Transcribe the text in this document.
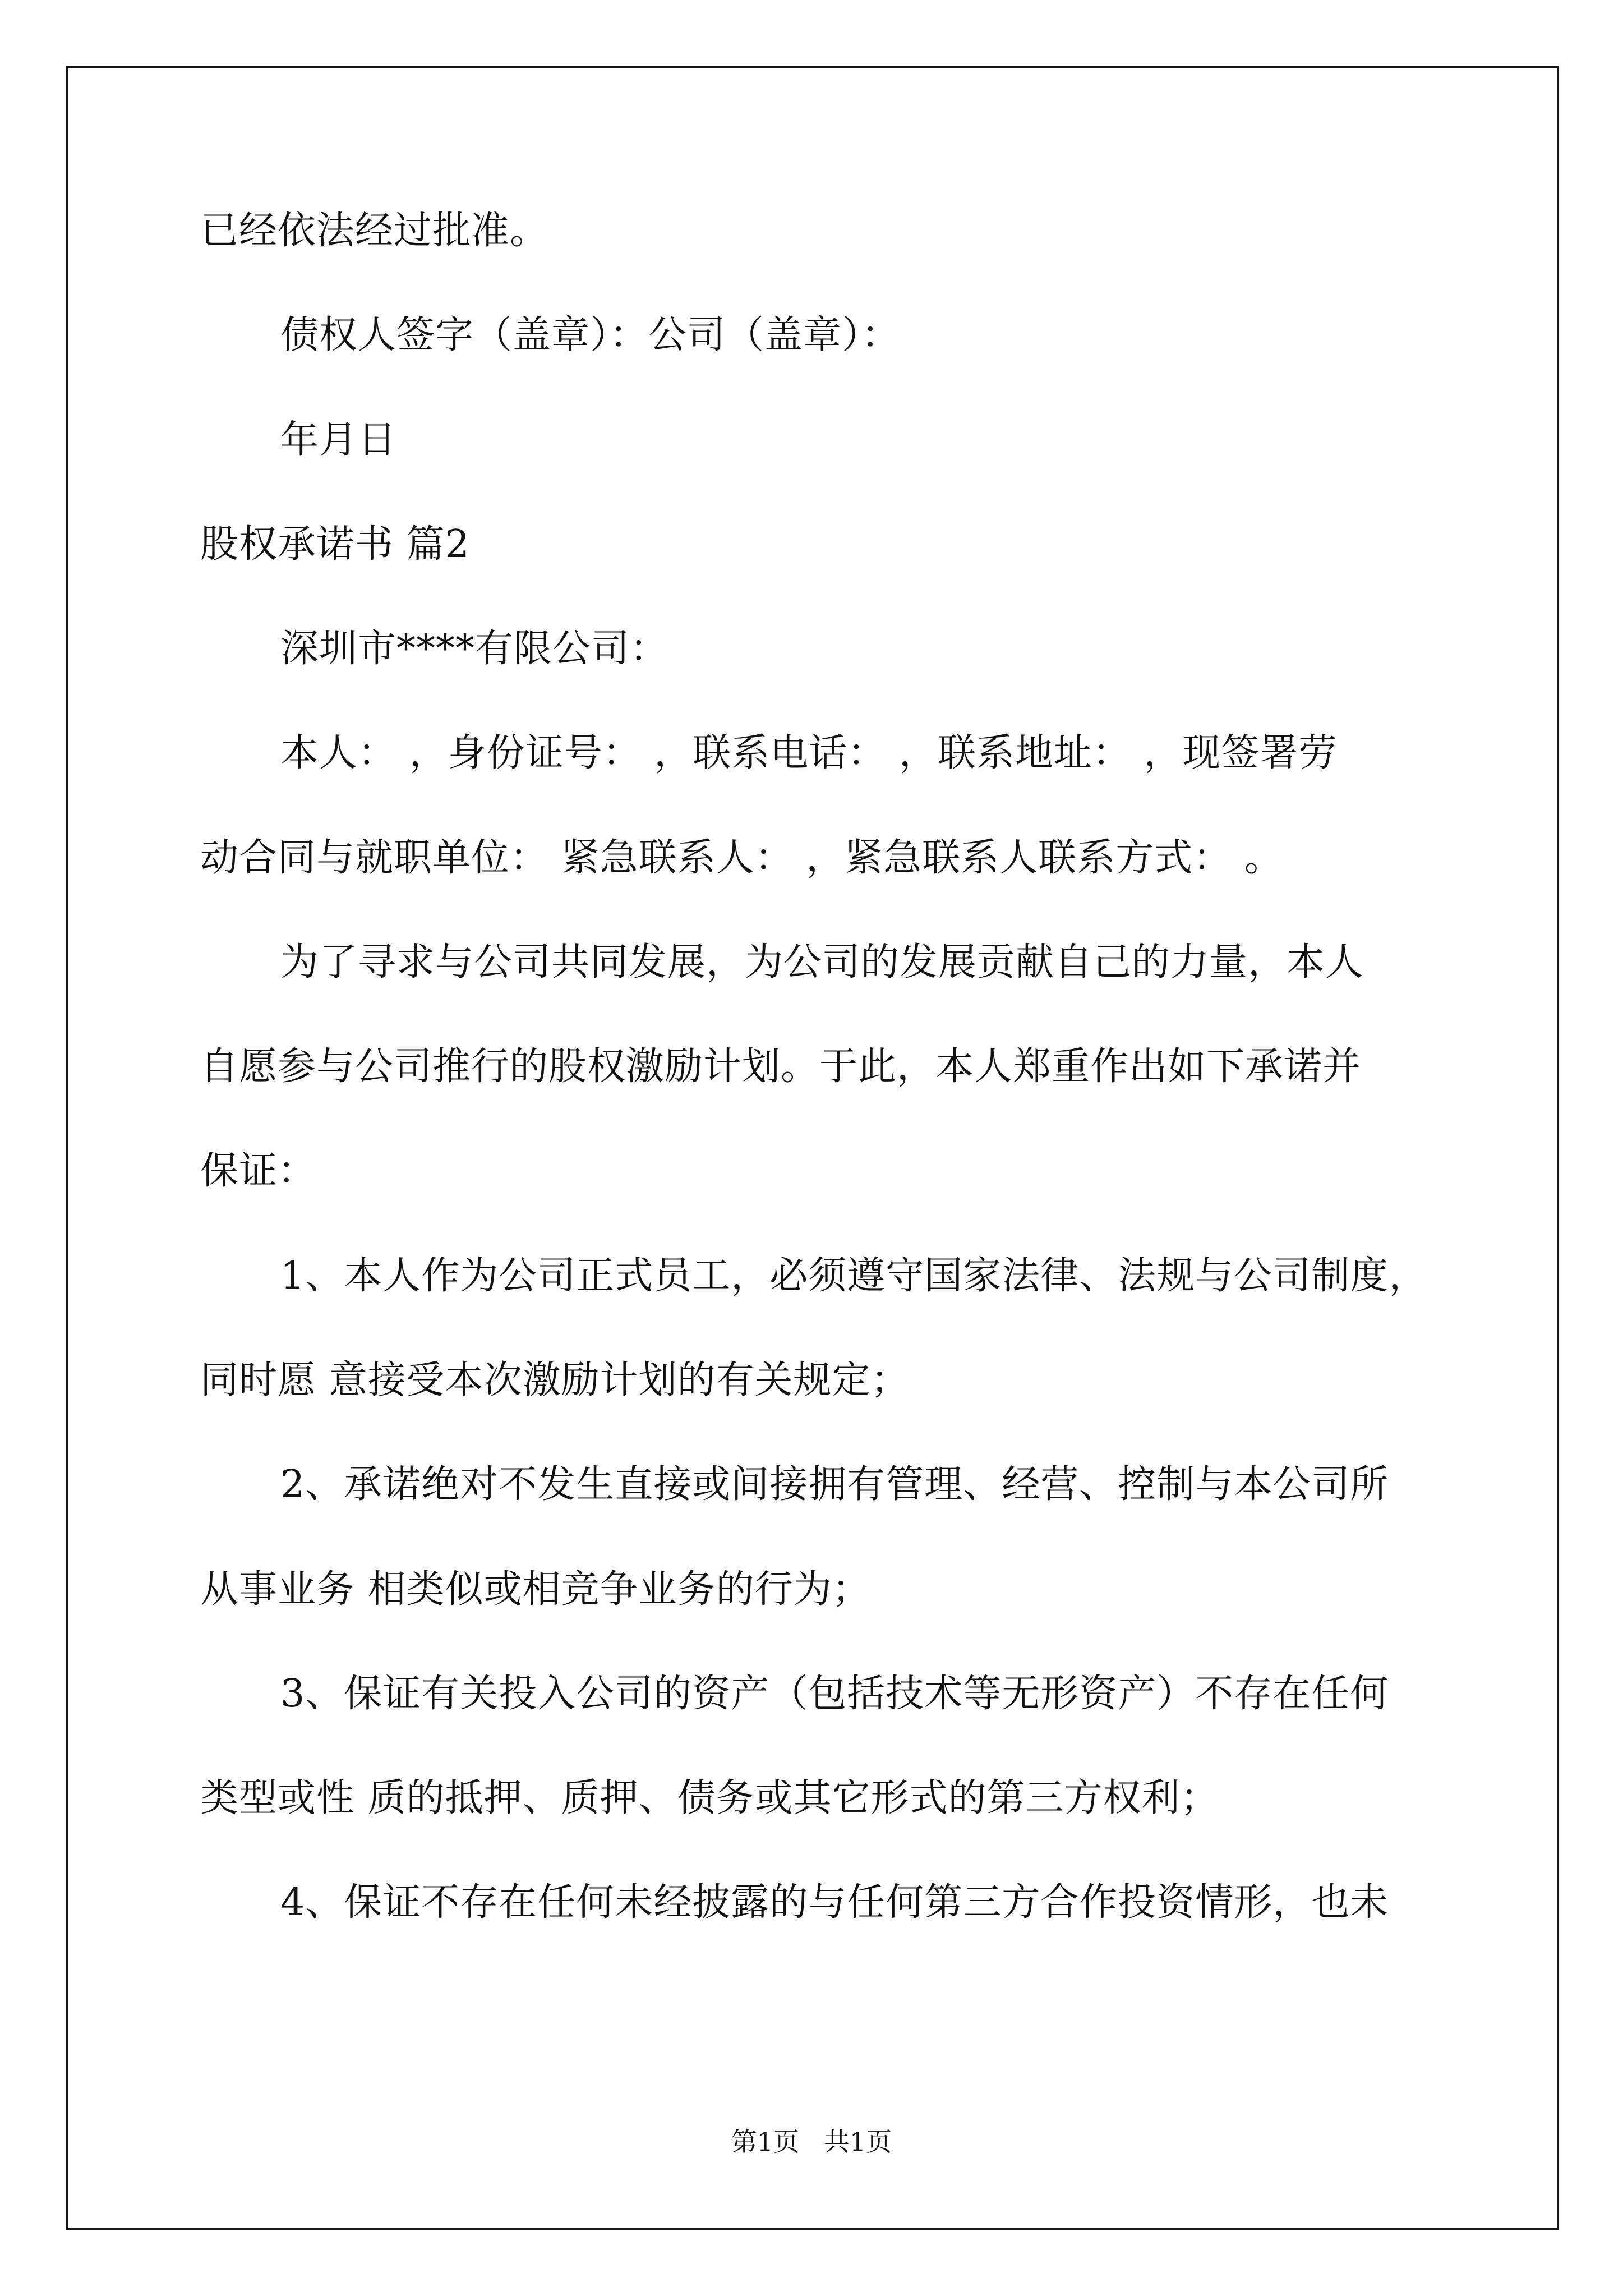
已经依法经过批准。
债权人签字（盖章）：公司（盖章）：
年月日
股权承诺书 篇2
深圳市****有限公司：
本人： ，身份证号： ，联系电话： ，联系地址： ，现签署劳
动合同与就职单位： 紧急联系人： ，紧急联系人联系方式： 。
为了寻求与公司共同发展，为公司的发展贡献自己的力量，本人
自愿参与公司推行的股权激励计划。于此，本人郑重作出如下承诺并
保证：
1、本人作为公司正式员工，必须遵守国家法律、法规与公司制度，
同时愿 意接受本次激励计划的有关规定；
2、承诺绝对不发生直接或间接拥有管理、经营、控制与本公司所
从事业务 相类似或相竞争业务的行为；
3、保证有关投入公司的资产（包括技术等无形资产）不存在任何
类型或性 质的抵押、质押、债务或其它形式的第三方权利；
4、保证不存在任何未经披露的与任何第三方合作投资情形，也未
第1页   共1页
